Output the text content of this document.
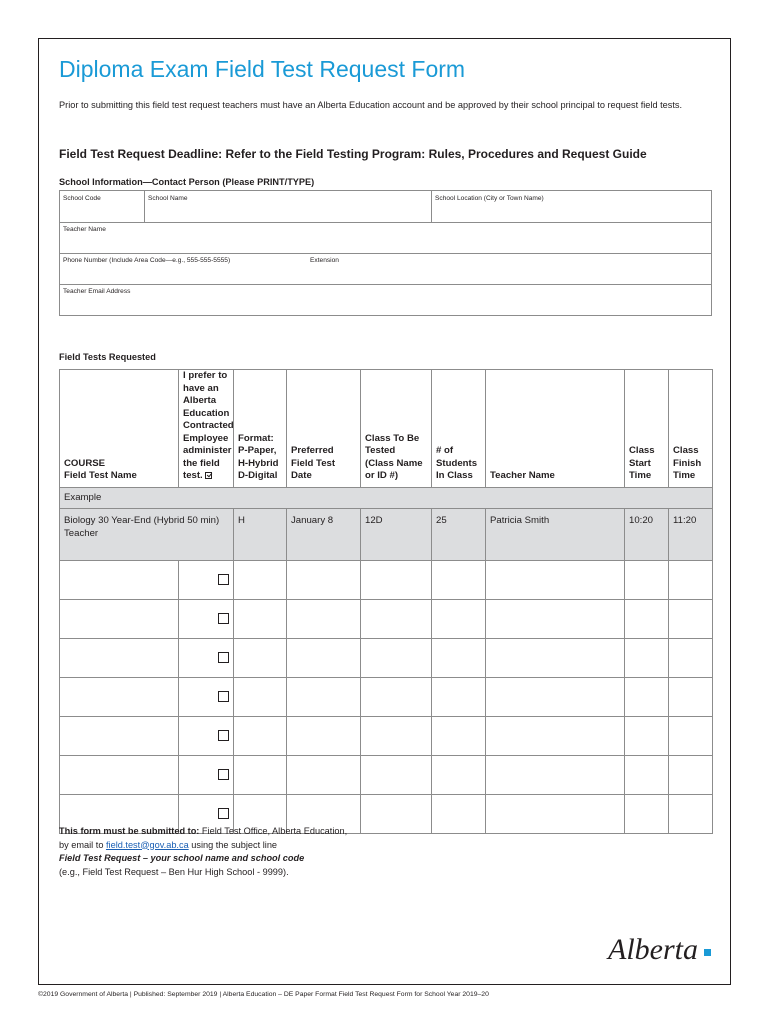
Diploma Exam Field Test Request Form

Prior to submitting this field test request teachers must have an Alberta Education account and be approved by their school principal to request field tests.

Field Test Request Deadline: Refer to the Field Testing Program: Rules, Procedures and Request Guide

School Information—Contact Person (Please PRINT/TYPE)

School Code	School Name	School Location (City or Town Name)
Teacher Name
Phone Number (Include Area Code—e.g., 555-555-5555)	Extension
Teacher Email Address

Field Tests Requested

COURSE
Field Test Name	I prefer to have an Alberta Education Contracted Employee administer the field test.	Format:
P-Paper,
H-Hybrid
D-Digital	Preferred
Field Test
Date	Class To Be
Tested
(Class Name
or ID #)	# of
Students
In Class	Teacher Name	Class
Start
Time	Class
Finish
Time
Example								
Biology 30 Year-End (Hybrid 50 min) Teacher		H	January 8	12D	25	Patricia Smith	10:20	11:20

This form must be submitted to: Field Test Office, Alberta Education,

by email to field.test@gov.ab.ca using the subject line

Field Test Request – your school name and school code

(e.g., Field Test Request – Ben Hur High School - 9999).

Alberta

©2019 Government of Alberta | Published: September 2019 | Alberta Education – DE Paper Format Field Test Request Form for School Year 2019–20
